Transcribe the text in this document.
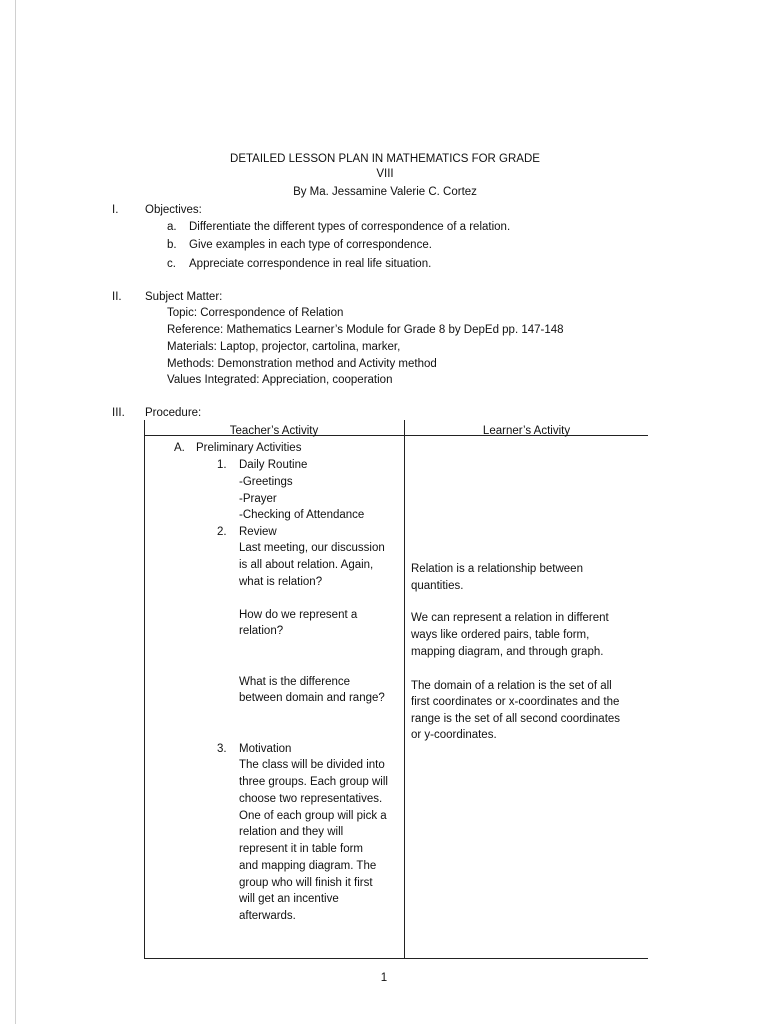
DETAILED LESSON PLAN IN MATHEMATICS FOR GRADE
VIII
By Ma. Jessamine Valerie C. Cortez
I. Objectives:
a. Differentiate the different types of correspondence of a relation.
b. Give examples in each type of correspondence.
c. Appreciate correspondence in real life situation.
II. Subject Matter:
Topic: Correspondence of Relation
Reference: Mathematics Learner’s Module for Grade 8 by DepEd pp. 147-148
Materials: Laptop, projector, cartolina, marker,
Methods: Demonstration method and Activity method
Values Integrated: Appreciation, cooperation
III. Procedure:
Teacher’s Activity	Learner’s Activity
A. Preliminary Activities
1. Daily Routine
-Greetings
-Prayer
-Checking of Attendance
2. Review
Last meeting, our discussion
is all about relation. Again,
what is relation?
How do we represent a
relation?
What is the difference
between domain and range?
3. Motivation
The class will be divided into
three groups. Each group will
choose two representatives.
One of each group will pick a
relation and they will
represent it in table form
and mapping diagram. The
group who will finish it first
will get an incentive
afterwards.
Relation is a relationship between
quantities.
We can represent a relation in different
ways like ordered pairs, table form,
mapping diagram, and through graph.
The domain of a relation is the set of all
first coordinates or x-coordinates and the
range is the set of all second coordinates
or y-coordinates.
1
